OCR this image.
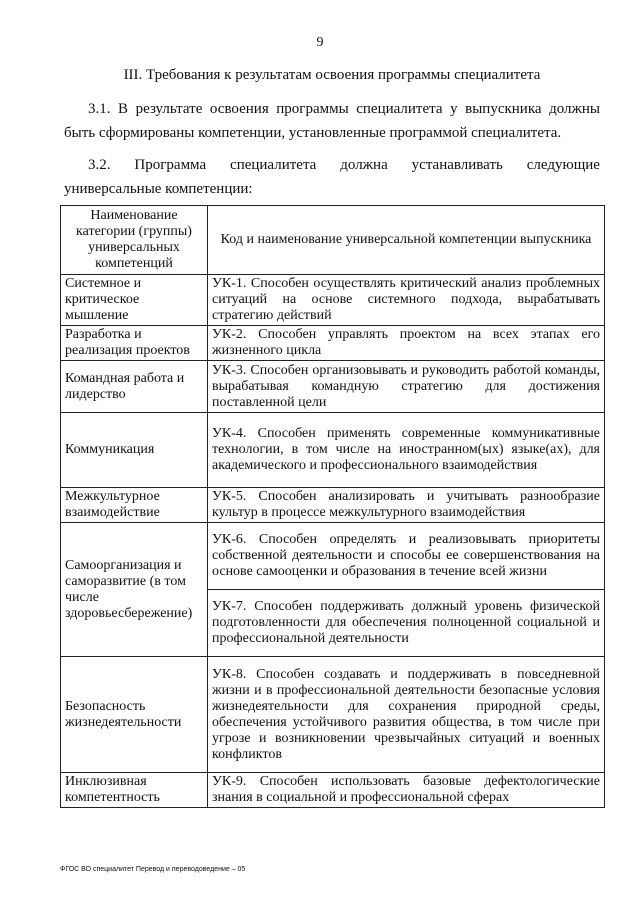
9
III. Требования к результатам освоения программы специалитета
3.1. В результате освоения программы специалитета у выпускника должны быть сформированы компетенции, установленные программой специалитета.
3.2. Программа специалитета должна устанавливать следующие
универсальные компетенции:
Наименование категории (группы) универсальных компетенций	Код и наименование универсальной компетенции выпускника
Системное и критическое мышление	УК-1. Способен осуществлять критический анализ проблемных ситуаций на основе системного подхода, вырабатывать стратегию действий
Разработка и реализация проектов	УК-2. Способен управлять проектом на всех этапах его жизненного цикла
Командная работа и лидерство	УК-3. Способен организовывать и руководить работой команды, вырабатывая командную стратегию для достижения поставленной цели
Коммуникация	УК-4. Способен применять современные коммуникативные технологии, в том числе на иностранном(ых) языке(ах), для академического и профессионального взаимодействия
Межкультурное взаимодействие	УК-5. Способен анализировать и учитывать разнообразие культур в процессе межкультурного взаимодействия
Самоорганизация и саморазвитие (в том числе здоровьесбережение)	УК-6. Способен определять и реализовывать приоритеты собственной деятельности и способы ее совершенствования на основе самооценки и образования в течение всей жизни
	УК-7. Способен поддерживать должный уровень физической подготовленности для обеспечения полноценной социальной и профессиональной деятельности
Безопасность жизнедеятельности	УК-8. Способен создавать и поддерживать в повседневной жизни и в профессиональной деятельности безопасные условия жизнедеятельности для сохранения природной среды, обеспечения устойчивого развития общества, в том числе при угрозе и возникновении чрезвычайных ситуаций и военных конфликтов
Инклюзивная компетентность	УК-9. Способен использовать базовые дефектологические знания в социальной и профессиональной сферах
ФГОС ВО специалитет Перевод и переводоведение – 05
